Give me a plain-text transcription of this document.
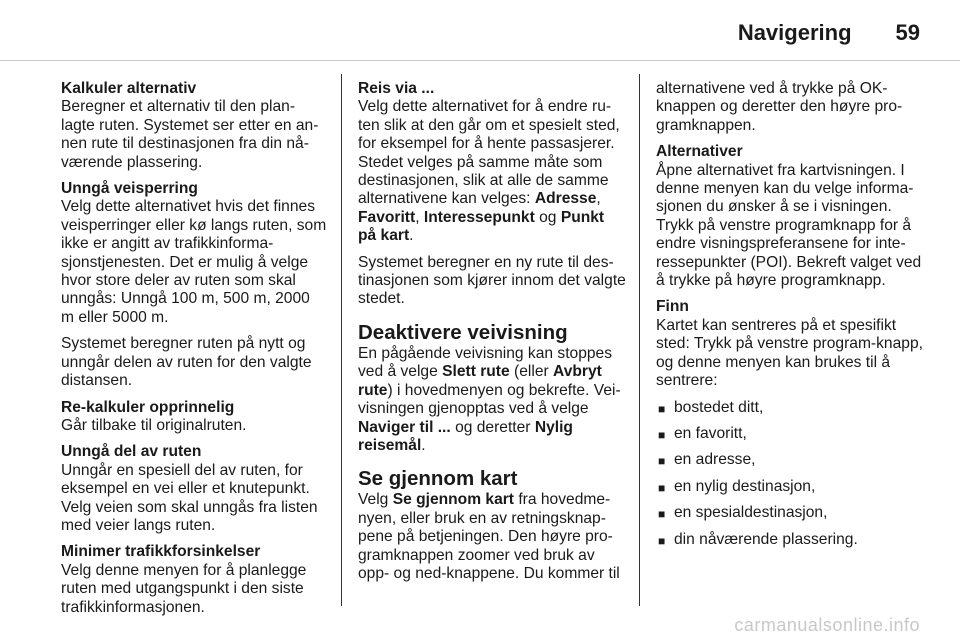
Navigering 59
Kalkuler alternativ
Beregner et alternativ til den plan-lagte ruten. Systemet ser etter en an-nen rute til destinasjonen fra din nå-værende plassering.
Unngå veisperring
Velg dette alternativet hvis det finnes veisperringer eller kø langs ruten, som ikke er angitt av trafikkinforma-sjonstjenesten. Det er mulig å velge hvor store deler av ruten som skal unngås: Unngå 100 m, 500 m, 2000 m eller 5000 m.
Systemet beregner ruten på nytt og unngår delen av ruten for den valgte distansen.
Re-kalkuler opprinnelig
Går tilbake til originalruten.
Unngå del av ruten
Unngår en spesiell del av ruten, for eksempel en vei eller et knutepunkt. Velg veien som skal unngås fra listen med veier langs ruten.
Minimer trafikkforsinkelser
Velg denne menyen for å planlegge ruten med utgangspunkt i den siste trafikkinformasjonen.
Reis via ...
Velg dette alternativet for å endre ru-ten slik at den går om et spesielt sted, for eksempel for å hente passasjerer. Stedet velges på samme måte som destinasjonen, slik at alle de samme alternativene kan velges: Adresse, Favoritt, Interessepunkt og Punkt på kart.
Systemet beregner en ny rute til des-tinasjonen som kjører innom det valgte stedet.
Deaktivere veivisning
En pågående veivisning kan stoppes ved å velge Slett rute (eller Avbryt rute) i hovedmenyen og bekrefte. Vei-visningen gjenopptas ved å velge Naviger til ... og deretter Nylig reisemål.
Se gjennom kart
Velg Se gjennom kart fra hovedme-nyen, eller bruk en av retningsknap-pene på betjeningen. Den høyre pro-gramknappen zoomer ved bruk av opp- og ned-knappene. Du kommer til
alternativene ved å trykke på OK-knappen og deretter den høyre pro-gramknappen.
Alternativer
Åpne alternativet fra kartvisningen. I denne menyen kan du velge informa-sjonen du ønsker å se i visningen. Trykk på venstre programknapp for å endre visningspreferansene for inte-ressepunkter (POI). Bekreft valget ved å trykke på høyre programknapp.
Finn
Kartet kan sentreres på et spesifikt sted: Trykk på venstre program-knapp, og denne menyen kan brukes til å sentrere:
■ bostedet ditt,
■ en favoritt,
■ en adresse,
■ en nylig destinasjon,
■ en spesialdestinasjon,
■ din nåværende plassering.
carmanualsonline.info
